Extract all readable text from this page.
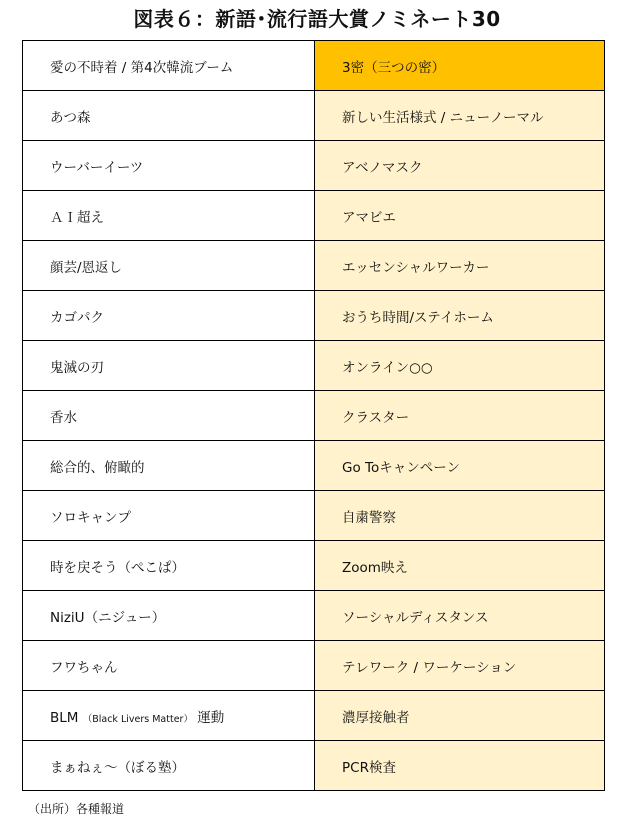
図表６：新語･流行語大賞ノミネート30
愛の不時着 / 第4次韓流ブーム	3密（三つの密）
あつ森	新しい生活様式 / ニューノーマル
ウーバーイーツ	アベノマスク
ＡＩ超え	アマビエ
顔芸/恩返し	エッセンシャルワーカー
カゴパク	おうち時間/ステイホーム
鬼滅の刃	オンライン○○
香水	クラスター
総合的、俯瞰的	Go Toキャンペーン
ソロキャンプ	自粛警察
時を戻そう（ぺこぱ）	Zoom映え
NiziU（ニジュー）	ソーシャルディスタンス
フワちゃん	テレワーク / ワーケーション
BLM （Black Livers Matter） 運動	濃厚接触者
まぁねぇ～（ぼる塾）	PCR検査
（出所）各種報道
